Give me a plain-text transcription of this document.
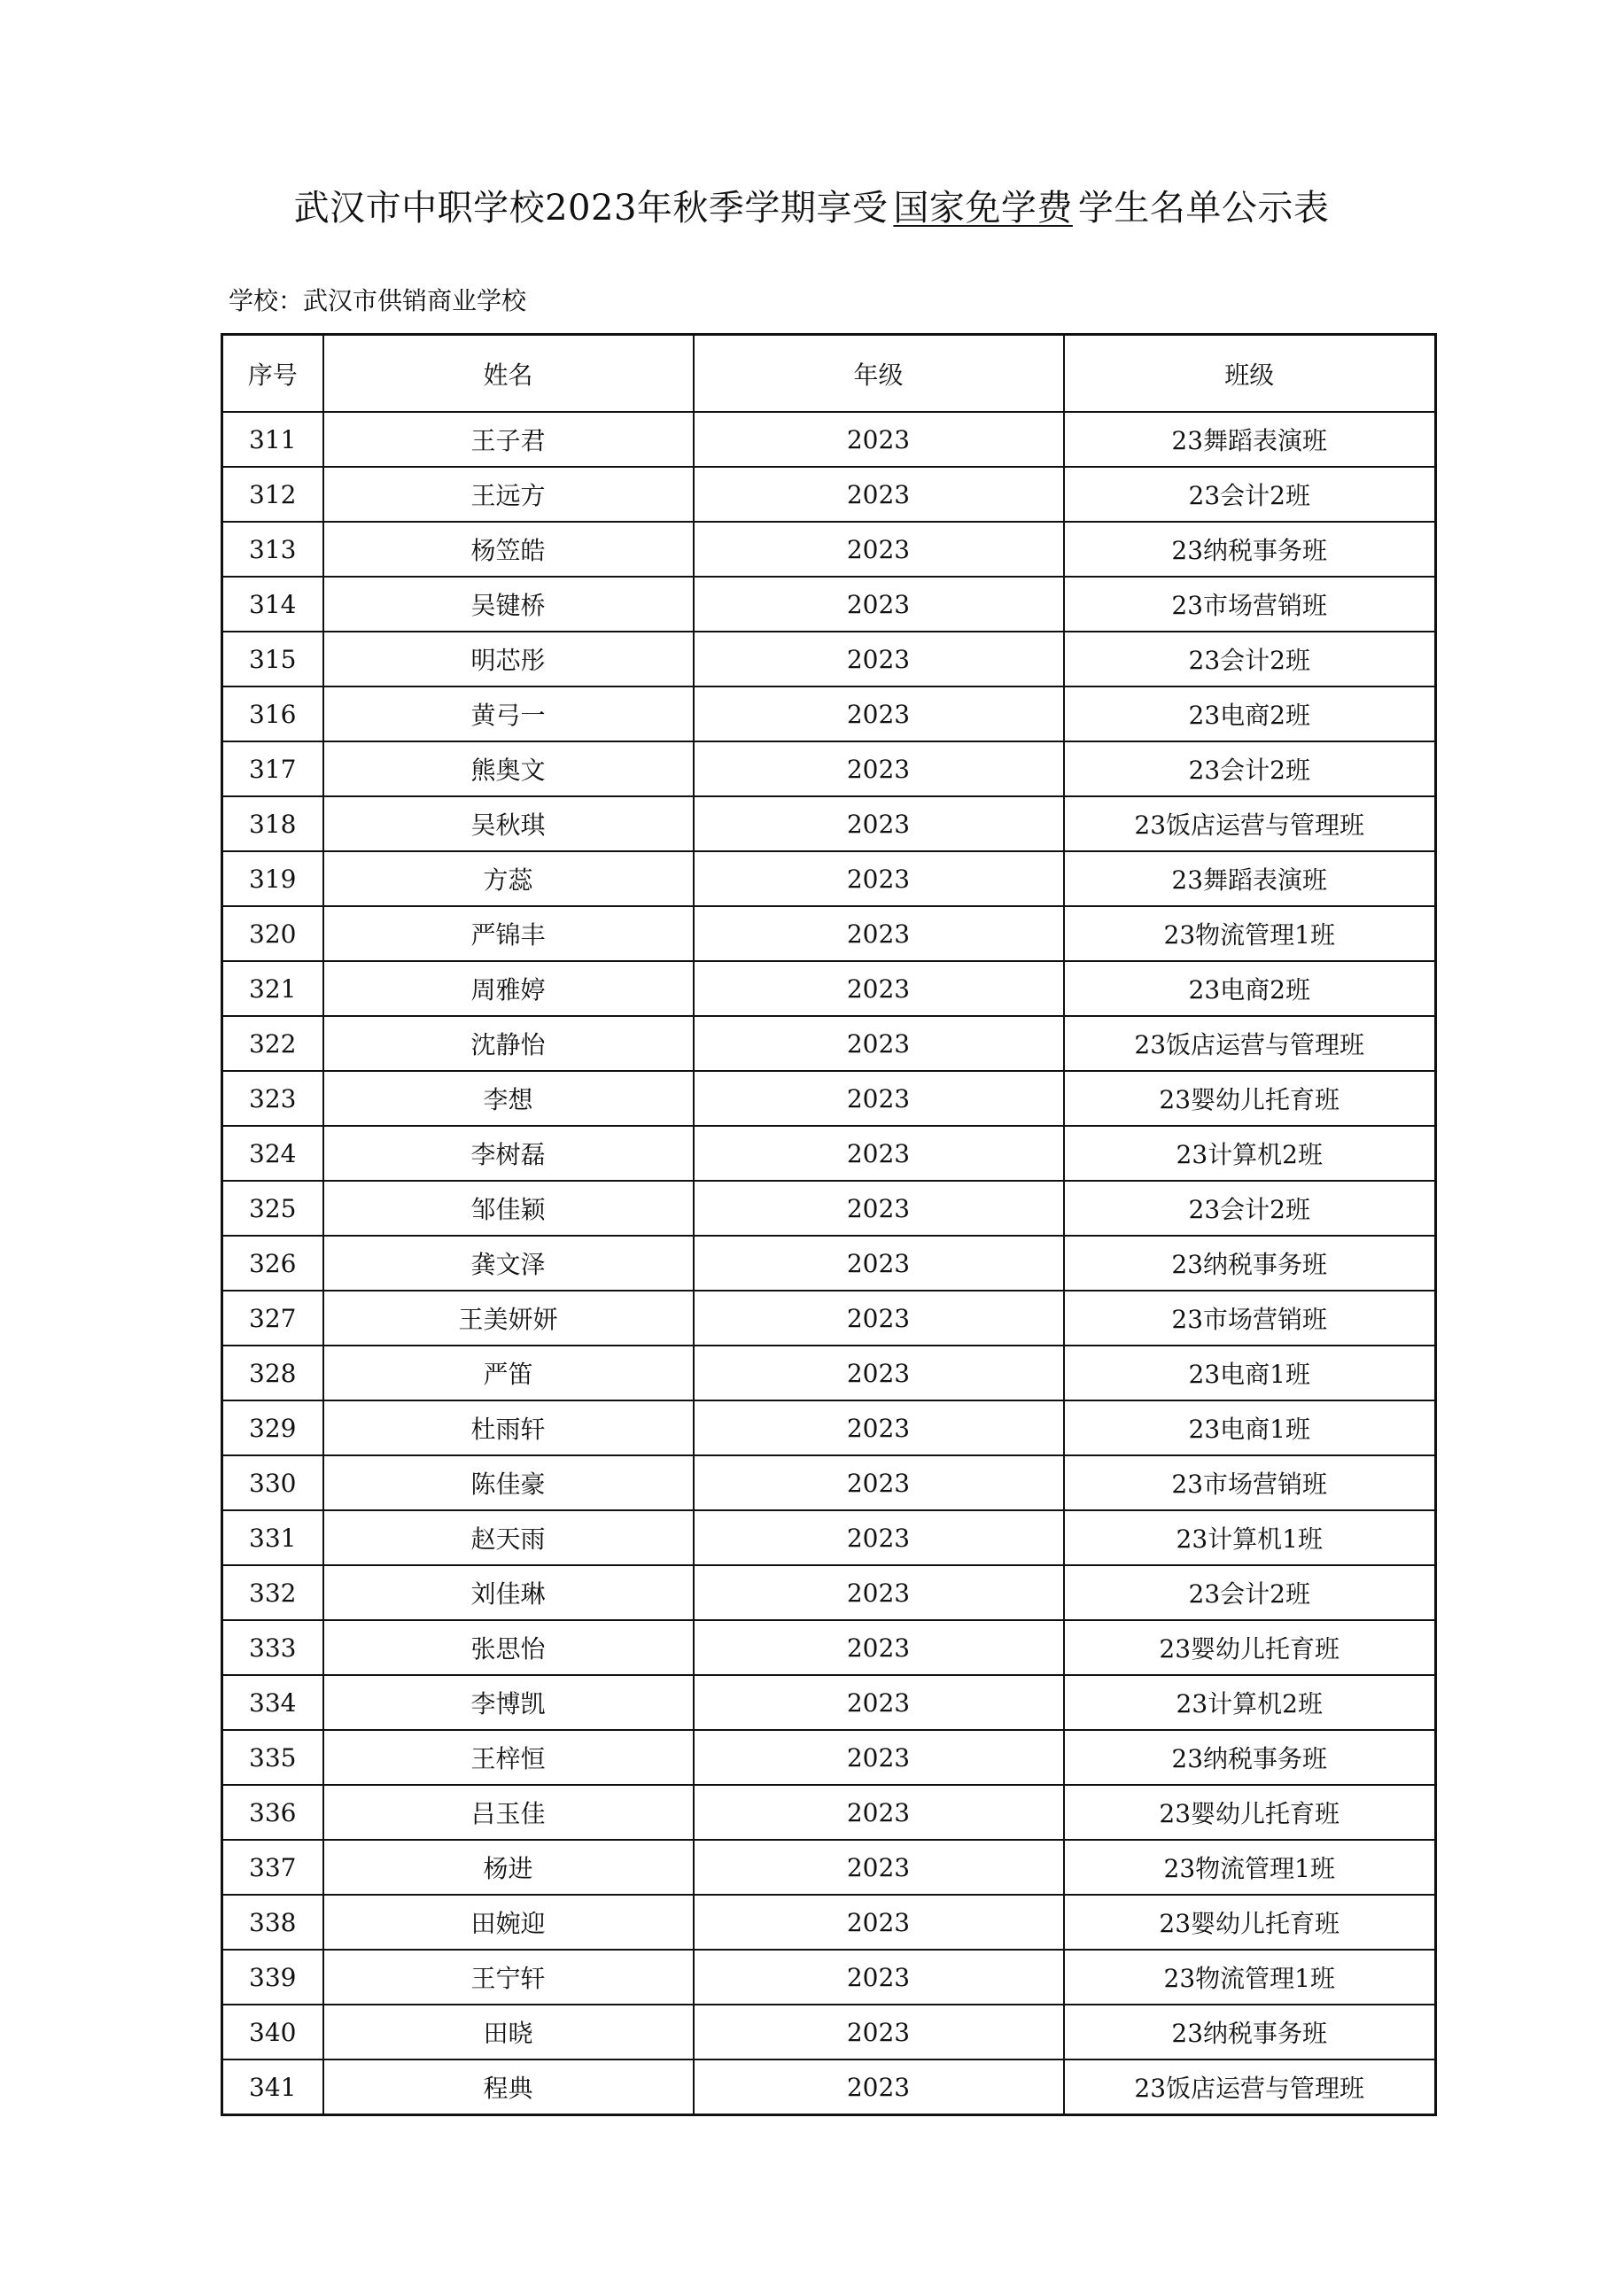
武汉市中职学校2023年秋季学期享受 国家免学费 学生名单公示表
学校：武汉市供销商业学校
序号	姓名	年级	班级
311	王子君	2023	23舞蹈表演班
312	王远方	2023	23会计2班
313	杨笠皓	2023	23纳税事务班
314	吴键桥	2023	23市场营销班
315	明芯彤	2023	23会计2班
316	黄弓一	2023	23电商2班
317	熊奥文	2023	23会计2班
318	吴秋琪	2023	23饭店运营与管理班
319	方蕊	2023	23舞蹈表演班
320	严锦丰	2023	23物流管理1班
321	周雅婷	2023	23电商2班
322	沈静怡	2023	23饭店运营与管理班
323	李想	2023	23婴幼儿托育班
324	李树磊	2023	23计算机2班
325	邹佳颖	2023	23会计2班
326	龚文泽	2023	23纳税事务班
327	王美妍妍	2023	23市场营销班
328	严笛	2023	23电商1班
329	杜雨轩	2023	23电商1班
330	陈佳豪	2023	23市场营销班
331	赵天雨	2023	23计算机1班
332	刘佳琳	2023	23会计2班
333	张思怡	2023	23婴幼儿托育班
334	李博凯	2023	23计算机2班
335	王梓恒	2023	23纳税事务班
336	吕玉佳	2023	23婴幼儿托育班
337	杨进	2023	23物流管理1班
338	田婉迎	2023	23婴幼儿托育班
339	王宁轩	2023	23物流管理1班
340	田晓	2023	23纳税事务班
341	程典	2023	23饭店运营与管理班
